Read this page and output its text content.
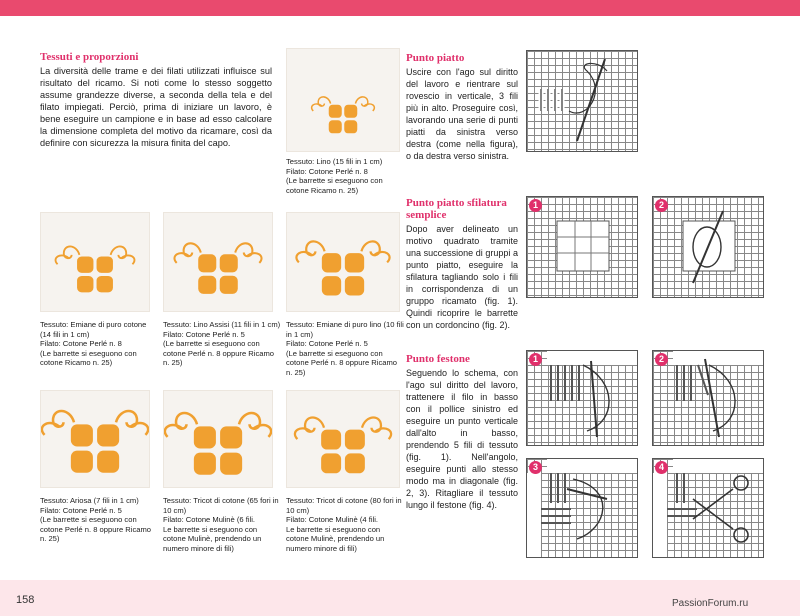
Tessuti e proporzioni

La diversità delle trame e dei filati utilizzati influisce sul risultato del ricamo. Si noti come lo stesso soggetto assume grandezze diverse, a seconda della tela e del filato impiegati. Perciò, prima di iniziare un lavoro, è bene eseguire un campione e in base ad esso calcolare la dimensione completa del motivo da ricamare, così da definire con sicurezza la misura finita del capo.

Tessuto: Lino (15 fili in 1 cm)
Filato: Cotone Perlé n. 8
(Le barrette si eseguono con cotone Ricamo n. 25)
Tessuto: Emiane di puro cotone (14 fili in 1 cm)
Filato: Cotone Perlé n. 8
(Le barrette si eseguono con cotone Ricamo n. 25)
Tessuto: Lino Assisi (11 fili in 1 cm)
Filato: Cotone Perlé n. 5
(Le barrette si eseguono con cotone Perlé n. 8 oppure Ricamo n. 25)
Tessuto: Emiane di puro lino (10 fili in 1 cm)
Filato: Cotone Perlé n. 5
(Le barrette si eseguono con cotone Perlé n. 8 oppure Ricamo n. 25)
Tessuto: Ariosa (7 fili in 1 cm)
Filato: Cotone Perlé n. 5
(Le barrette si eseguono con cotone Perlé n. 8 oppure Ricamo n. 25)
Tessuto: Tricot di cotone (65 fori in 10 cm)
Filato: Cotone Mulinè (6 fili.
Le barrette si eseguono con cotone Mulinè, prendendo un numero minore di fili)
Tessuto: Tricot di cotone (80 fori in 10 cm)
Filato: Cotone Mulinè (4 fili.
Le barrette si eseguono con cotone Mulinè, prendendo un numero minore di fili)
Punto piatto

Uscire con l'ago sul diritto del lavoro e rientrare sul rovescio in verticale, 3 fili più in alto. Proseguire così, lavorando una serie di punti piatti da sinistra verso destra (come nella figura), o da destra verso sinistra.

Punto piatto sfilatura semplice

Dopo aver delineato un motivo quadrato tramite una successione di gruppi a punto piatto, eseguire la sfilatura tagliando solo i fili in corrispondenza di un gruppo ricamato (fig. 1). Quindi ricoprire le barrette con un cordoncino (fig. 2).

Punto festone

Seguendo lo schema, con l'ago sul diritto del lavoro, trattenere il filo in basso con il pollice sinistro ed eseguire un punto verticale dall'alto in basso, prendendo 5 fili di tessuto (fig. 1). Nell'angolo, eseguire punti allo stesso modo ma in diagonale (fig. 2, 3). Ritagliare il tessuto lungo il festone (fig. 4).

1	2
1	2
3	4
158	PassionForum.ru
